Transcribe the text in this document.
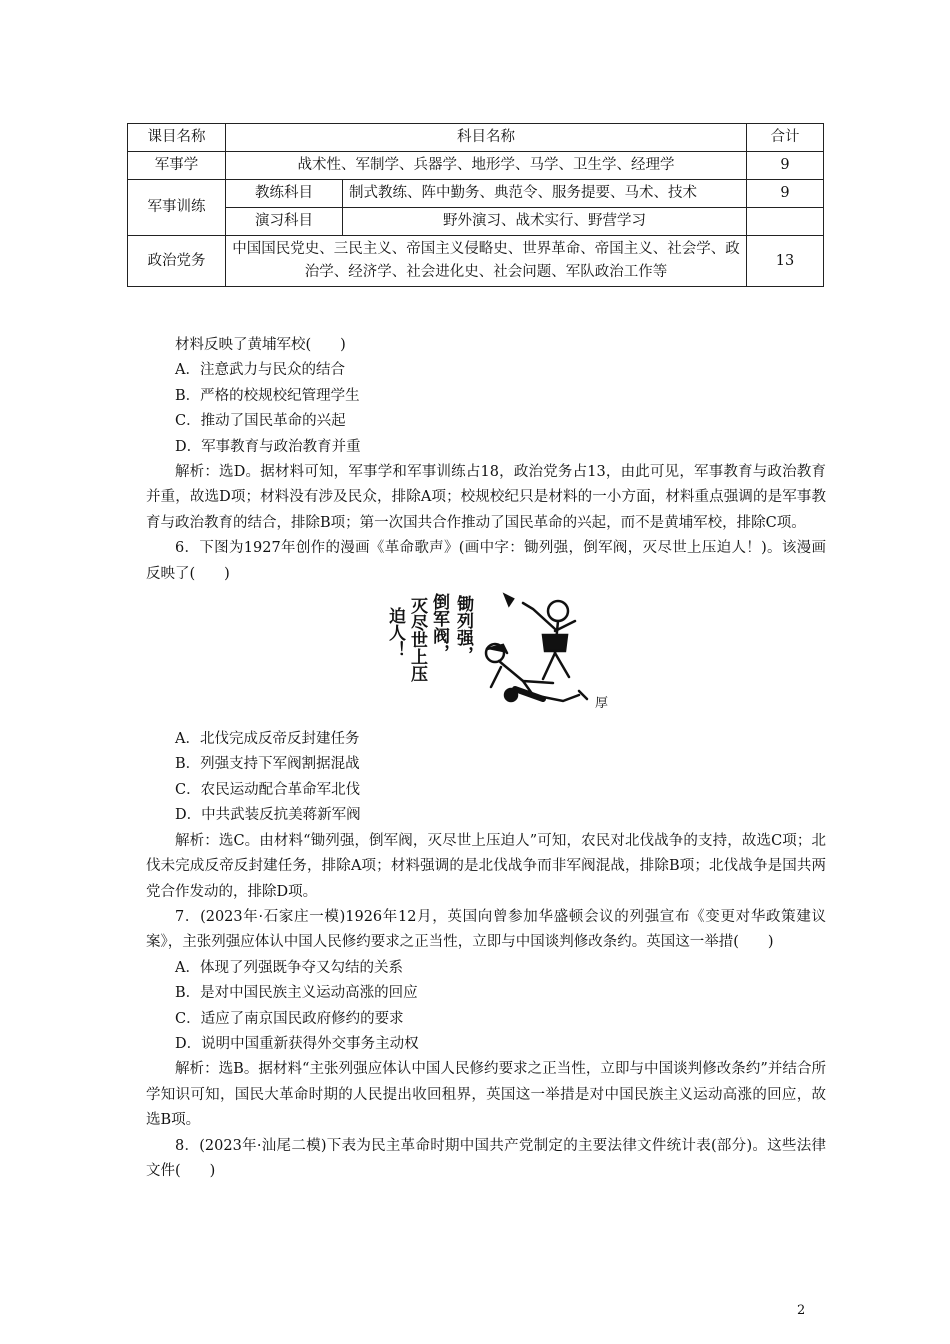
课目名称	科目名称		合计
军事学	战术性、军制学、兵器学、地形学、马学、卫生学、经理学		9
军事训练	教练科目	制式教练、阵中勤务、典范令、服务提要、马术、技术	9
	演习科目	野外演习、战术实行、野营学习	
政治党务	中国国民党史、三民主义、帝国主义侵略史、世界革命、帝国主义、社会学、政治学、经济学、社会进化史、社会问题、军队政治工作等		13

材料反映了黄埔军校(　　)

A．注意武力与民众的结合

B．严格的校规校纪管理学生

C．推动了国民革命的兴起

D．军事教育与政治教育并重

解析：选D。据材料可知，军事学和军事训练占18，政治党务占13，由此可见，军事教育与政治教育并重，故选D项；材料没有涉及民众，排除A项；校规校纪只是材料的一小方面，材料重点强调的是军事教育与政治教育的结合，排除B项；第一次国共合作推动了国民革命的兴起，而不是黄埔军校，排除C项。

6．下图为1927年创作的漫画《革命歌声》(画中字：锄列强，倒军阀，灭尽世上压迫人！)。该漫画反映了(　　)

迫人！ 灭尽世上压 倒军阀， 锄列强，
厚

A．北伐完成反帝反封建任务

B．列强支持下军阀割据混战

C．农民运动配合革命军北伐

D．中共武装反抗美蒋新军阀

解析：选C。由材料“锄列强，倒军阀，灭尽世上压迫人”可知，农民对北伐战争的支持，故选C项；北伐未完成反帝反封建任务，排除A项；材料强调的是北伐战争而非军阀混战，排除B项；北伐战争是国共两党合作发动的，排除D项。

7．(2023年·石家庄一模)1926年12月，英国向曾参加华盛顿会议的列强宣布《变更对华政策建议案》，主张列强应体认中国人民修约要求之正当性，立即与中国谈判修改条约。英国这一举措(　　)

A．体现了列强既争夺又勾结的关系

B．是对中国民族主义运动高涨的回应

C．适应了南京国民政府修约的要求

D．说明中国重新获得外交事务主动权

解析：选B。据材料“主张列强应体认中国人民修约要求之正当性，立即与中国谈判修改条约”并结合所学知识可知，国民大革命时期的人民提出收回租界，英国这一举措是对中国民族主义运动高涨的回应，故选B项。

8．(2023年·汕尾二模)下表为民主革命时期中国共产党制定的主要法律文件统计表(部分)。这些法律文件(　　)

2
